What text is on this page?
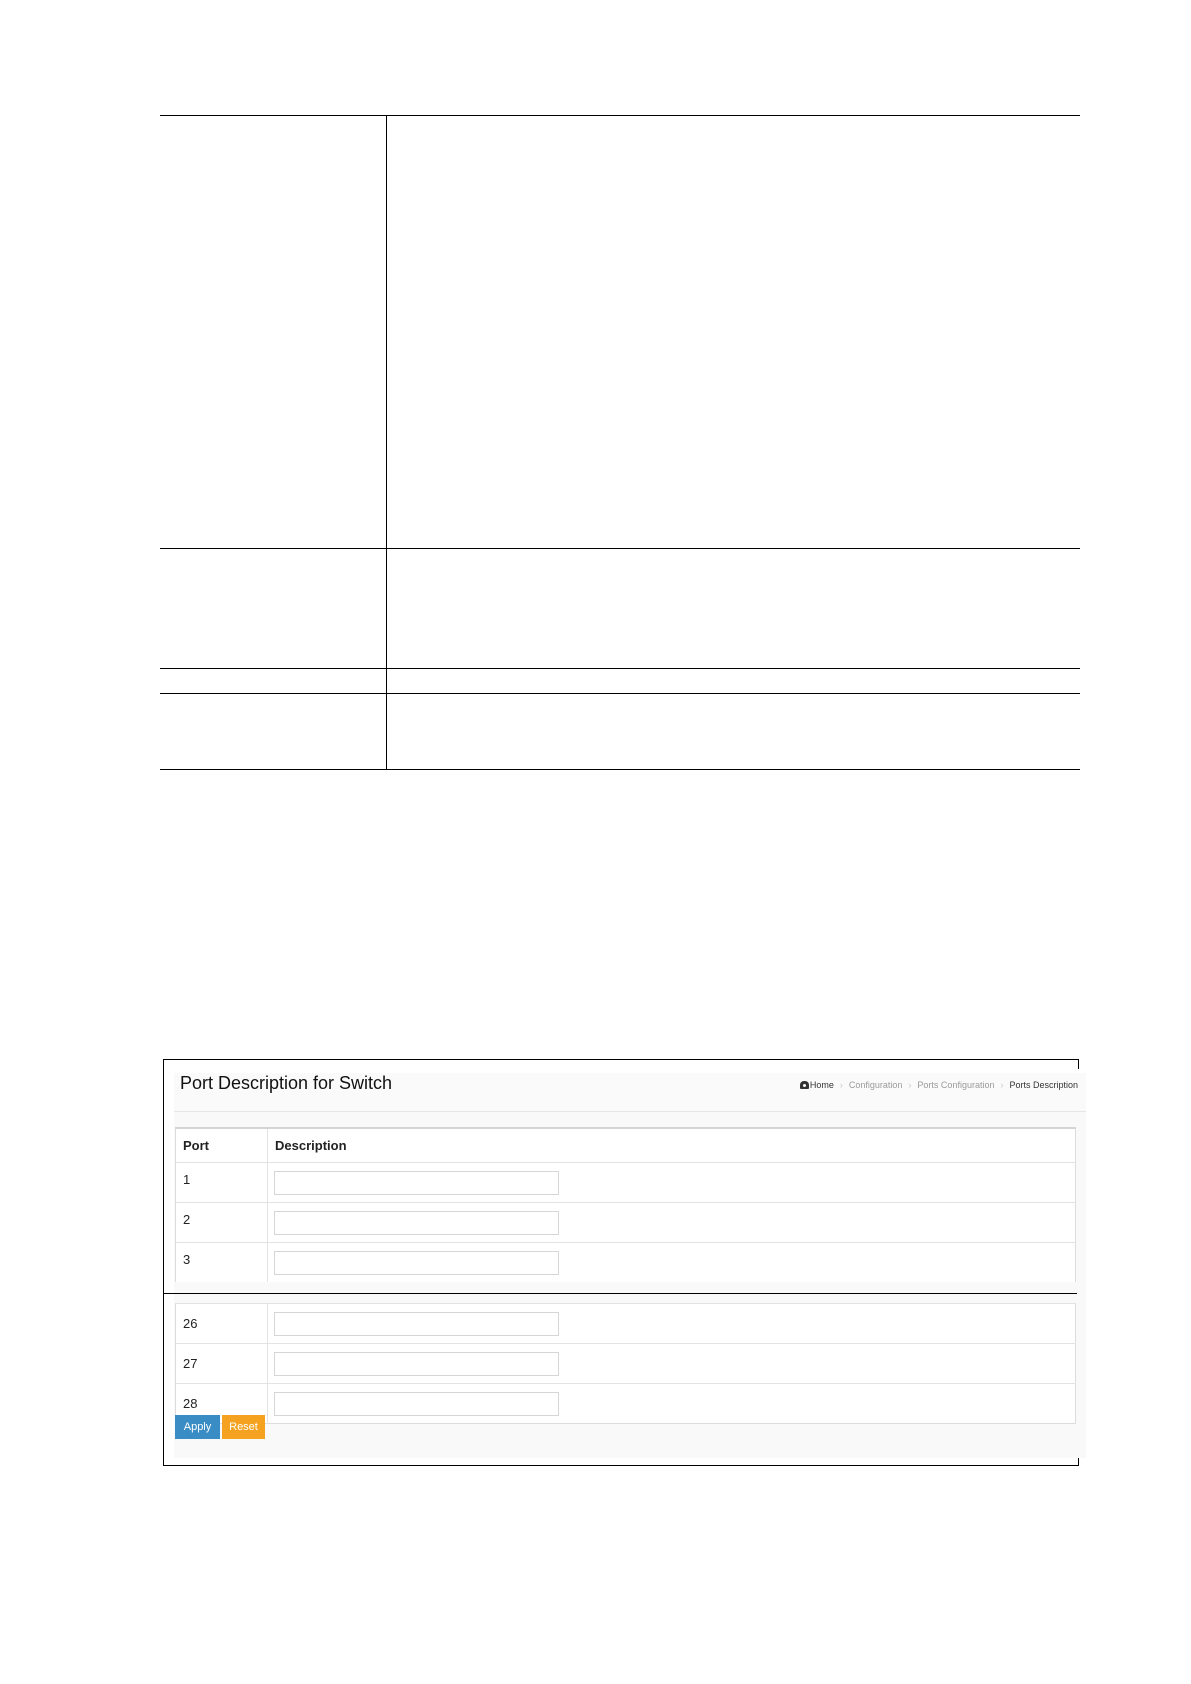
Port Description for Switch	Home › Configuration › Ports Configuration › Ports Description
Port	Description
1	

2	

3	
26	

27	

28	
Apply	Reset
